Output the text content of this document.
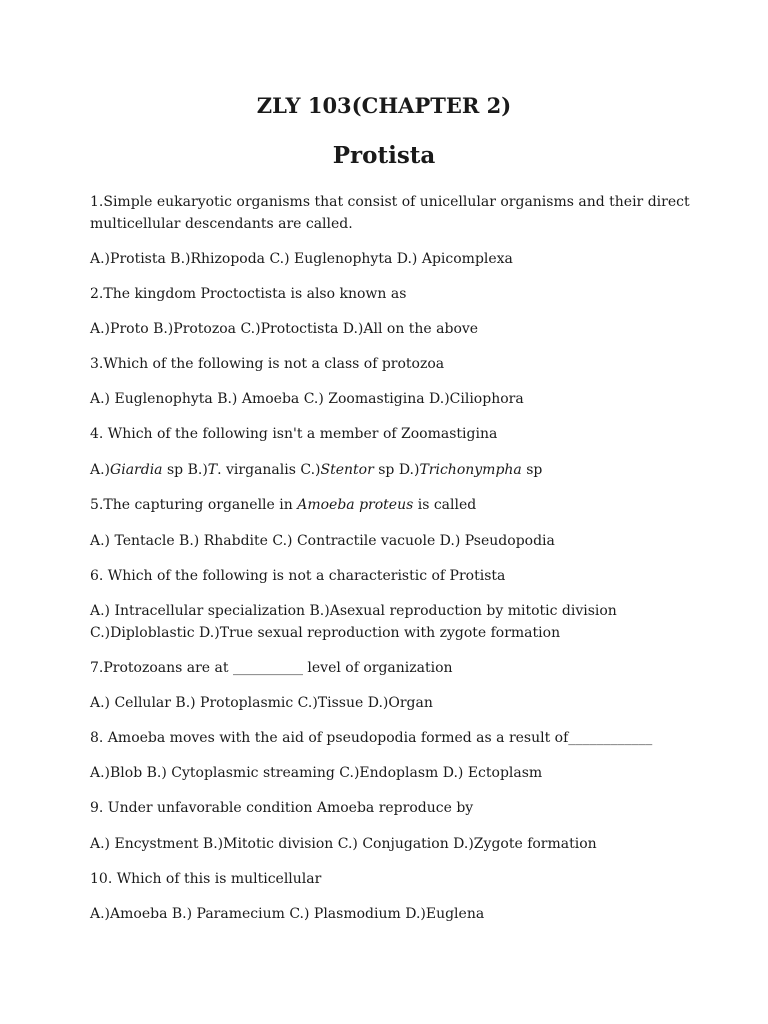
ZLY 103(CHAPTER 2)
Protista

1.Simple eukaryotic organisms that consist of unicellular organisms and their direct multicellular descendants are called.

A.)Protista B.)Rhizopoda C.) Euglenophyta D.) Apicomplexa

2.The kingdom Proctoctista is also known as

A.)Proto B.)Protozoa C.)Protoctista D.)All on the above

3.Which of the following is not a class of protozoa

A.) Euglenophyta B.) Amoeba C.) Zoomastigina D.)Ciliophora

4. Which of the following isn't a member of Zoomastigina

A.)Giardia sp B.)T. virganalis C.)Stentor sp D.)Trichonympha sp

5.The capturing organelle in Amoeba proteus is called

A.) Tentacle B.) Rhabdite C.) Contractile vacuole D.) Pseudopodia

6. Which of the following is not a characteristic of Protista

A.) Intracellular specialization B.)Asexual reproduction by mitotic division C.)Diploblastic D.)True sexual reproduction with zygote formation

7.Protozoans are at __________ level of organization

A.) Cellular B.) Protoplasmic C.)Tissue D.)Organ

8. Amoeba moves with the aid of pseudopodia formed as a result of____________

A.)Blob B.) Cytoplasmic streaming C.)Endoplasm D.) Ectoplasm

9. Under unfavorable condition Amoeba reproduce by

A.) Encystment B.)Mitotic division C.) Conjugation D.)Zygote formation

10. Which of this is multicellular

A.)Amoeba B.) Paramecium C.) Plasmodium D.)Euglena
